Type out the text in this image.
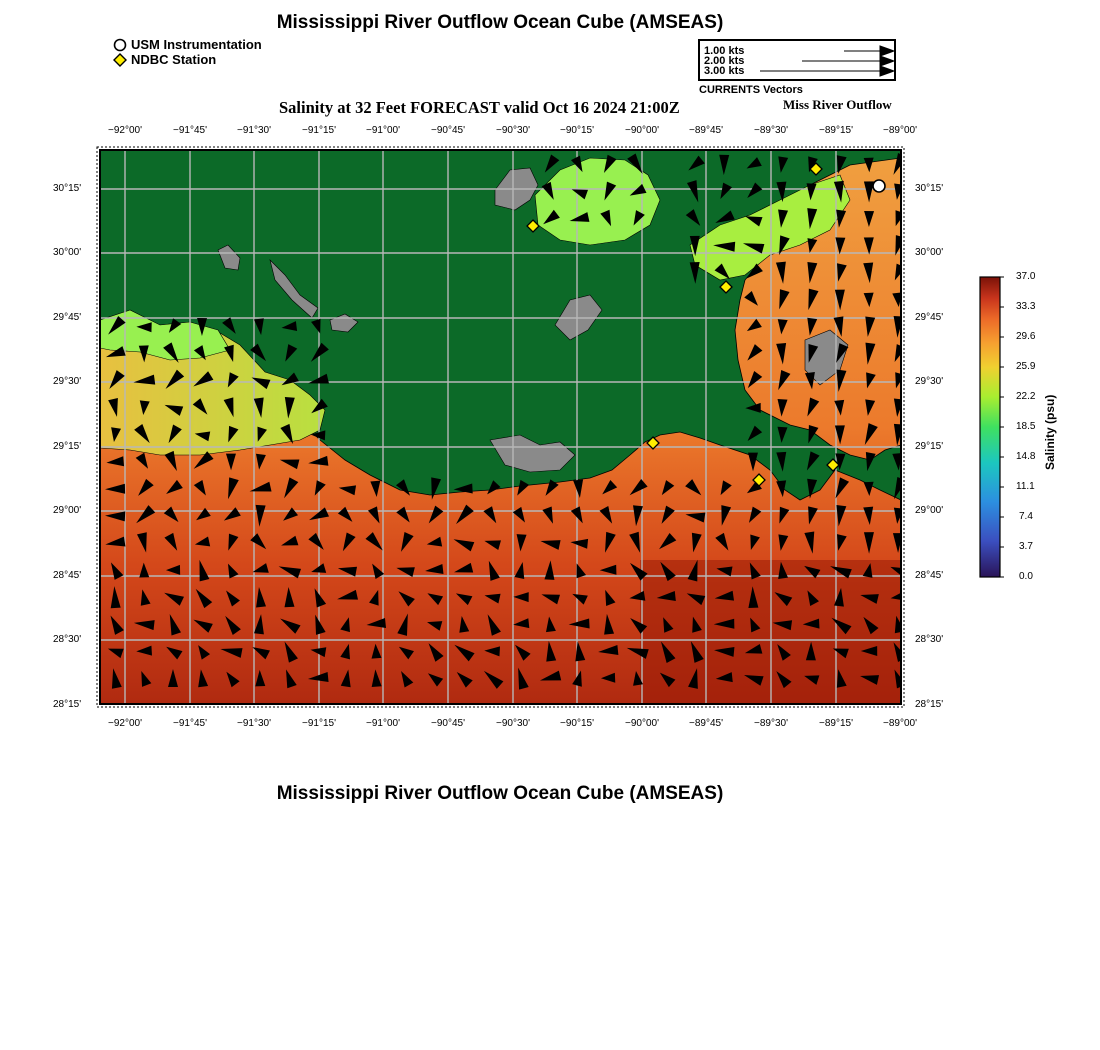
Mississippi River Outflow Ocean Cube (AMSEAS)
USM Instrumentation
NDBC Station
1.00 kts
2.00 kts
3.00 kts
CURRENTS Vectors
Salinity at 32 Feet FORECAST valid Oct 16 2024 21:00Z	Miss River Outflow
−92°00'	−91°45'	−91°30'	−91°15'	−91°00'	−90°45'	−90°30'	−90°15'	−90°00'	−89°45'	−89°30'	−89°15'	−89°00'
−92°00'	−91°45'	−91°30'	−91°15'	−91°00'	−90°45'	−90°30'	−90°15'	−90°00'	−89°45'	−89°30'	−89°15'	−89°00'
30°15'
30°00'
29°45'
29°30'
29°15'
29°00'
28°45'
28°30'
28°15'
30°15'
30°00'
29°45'
29°30'
29°15'
29°00'
28°45'
28°30'
28°15'
37.0
33.3
29.6
25.9
22.2
18.5
14.8
11.1
7.4
3.7
0.0
Salinity (psu)
Mississippi River Outflow Ocean Cube (AMSEAS)
